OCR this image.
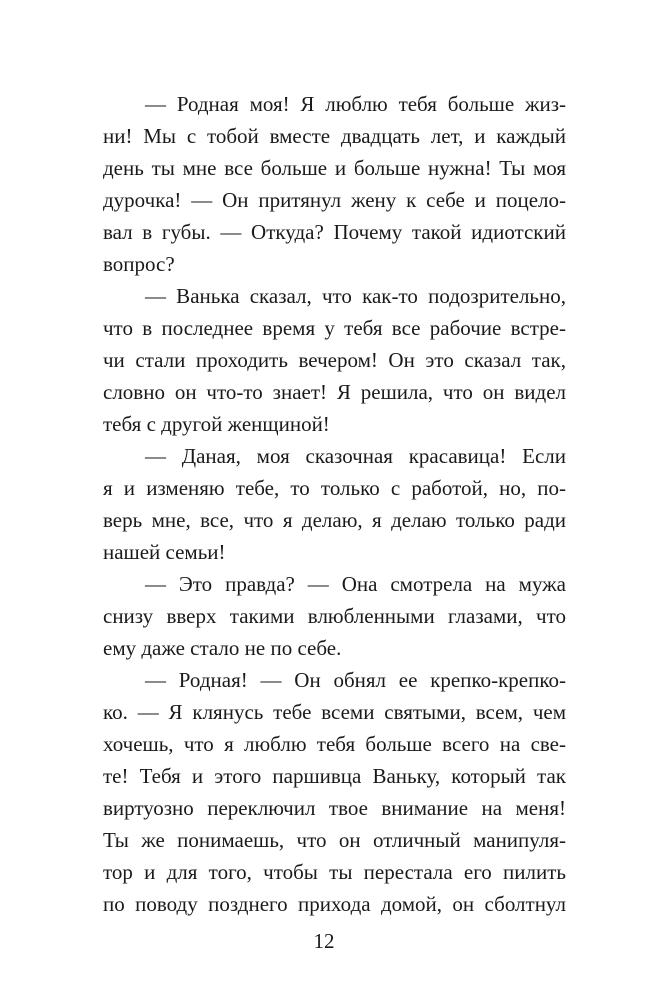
— Родная моя! Я люблю тебя больше жиз-
ни! Мы с тобой вместе двадцать лет, и каждый
день ты мне все больше и больше нужна! Ты моя
дурочка! — Он притянул жену к себе и поцело-
вал в губы. — Откуда? Почему такой идиотский
вопрос?
— Ванька сказал, что как-то подозрительно,
что в последнее время у тебя все рабочие встре-
чи стали проходить вечером! Он это сказал так,
словно он что-то знает! Я решила, что он видел
тебя с другой женщиной!
— Даная, моя сказочная красавица! Если
я и изменяю тебе, то только с работой, но, по-
верь мне, все, что я делаю, я делаю только ради
нашей семьи!
— Это правда? — Она смотрела на мужа
снизу вверх такими влюбленными глазами, что
ему даже стало не по себе.
— Родная! — Он обнял ее крепко-крепко-
ко. — Я клянусь тебе всеми святыми, всем, чем
хочешь, что я люблю тебя больше всего на све-
те! Тебя и этого паршивца Ваньку, который так
виртуозно переключил твое внимание на меня!
Ты же понимаешь, что он отличный манипуля-
тор и для того, чтобы ты перестала его пилить
по поводу позднего прихода домой, он сболтнул
12
